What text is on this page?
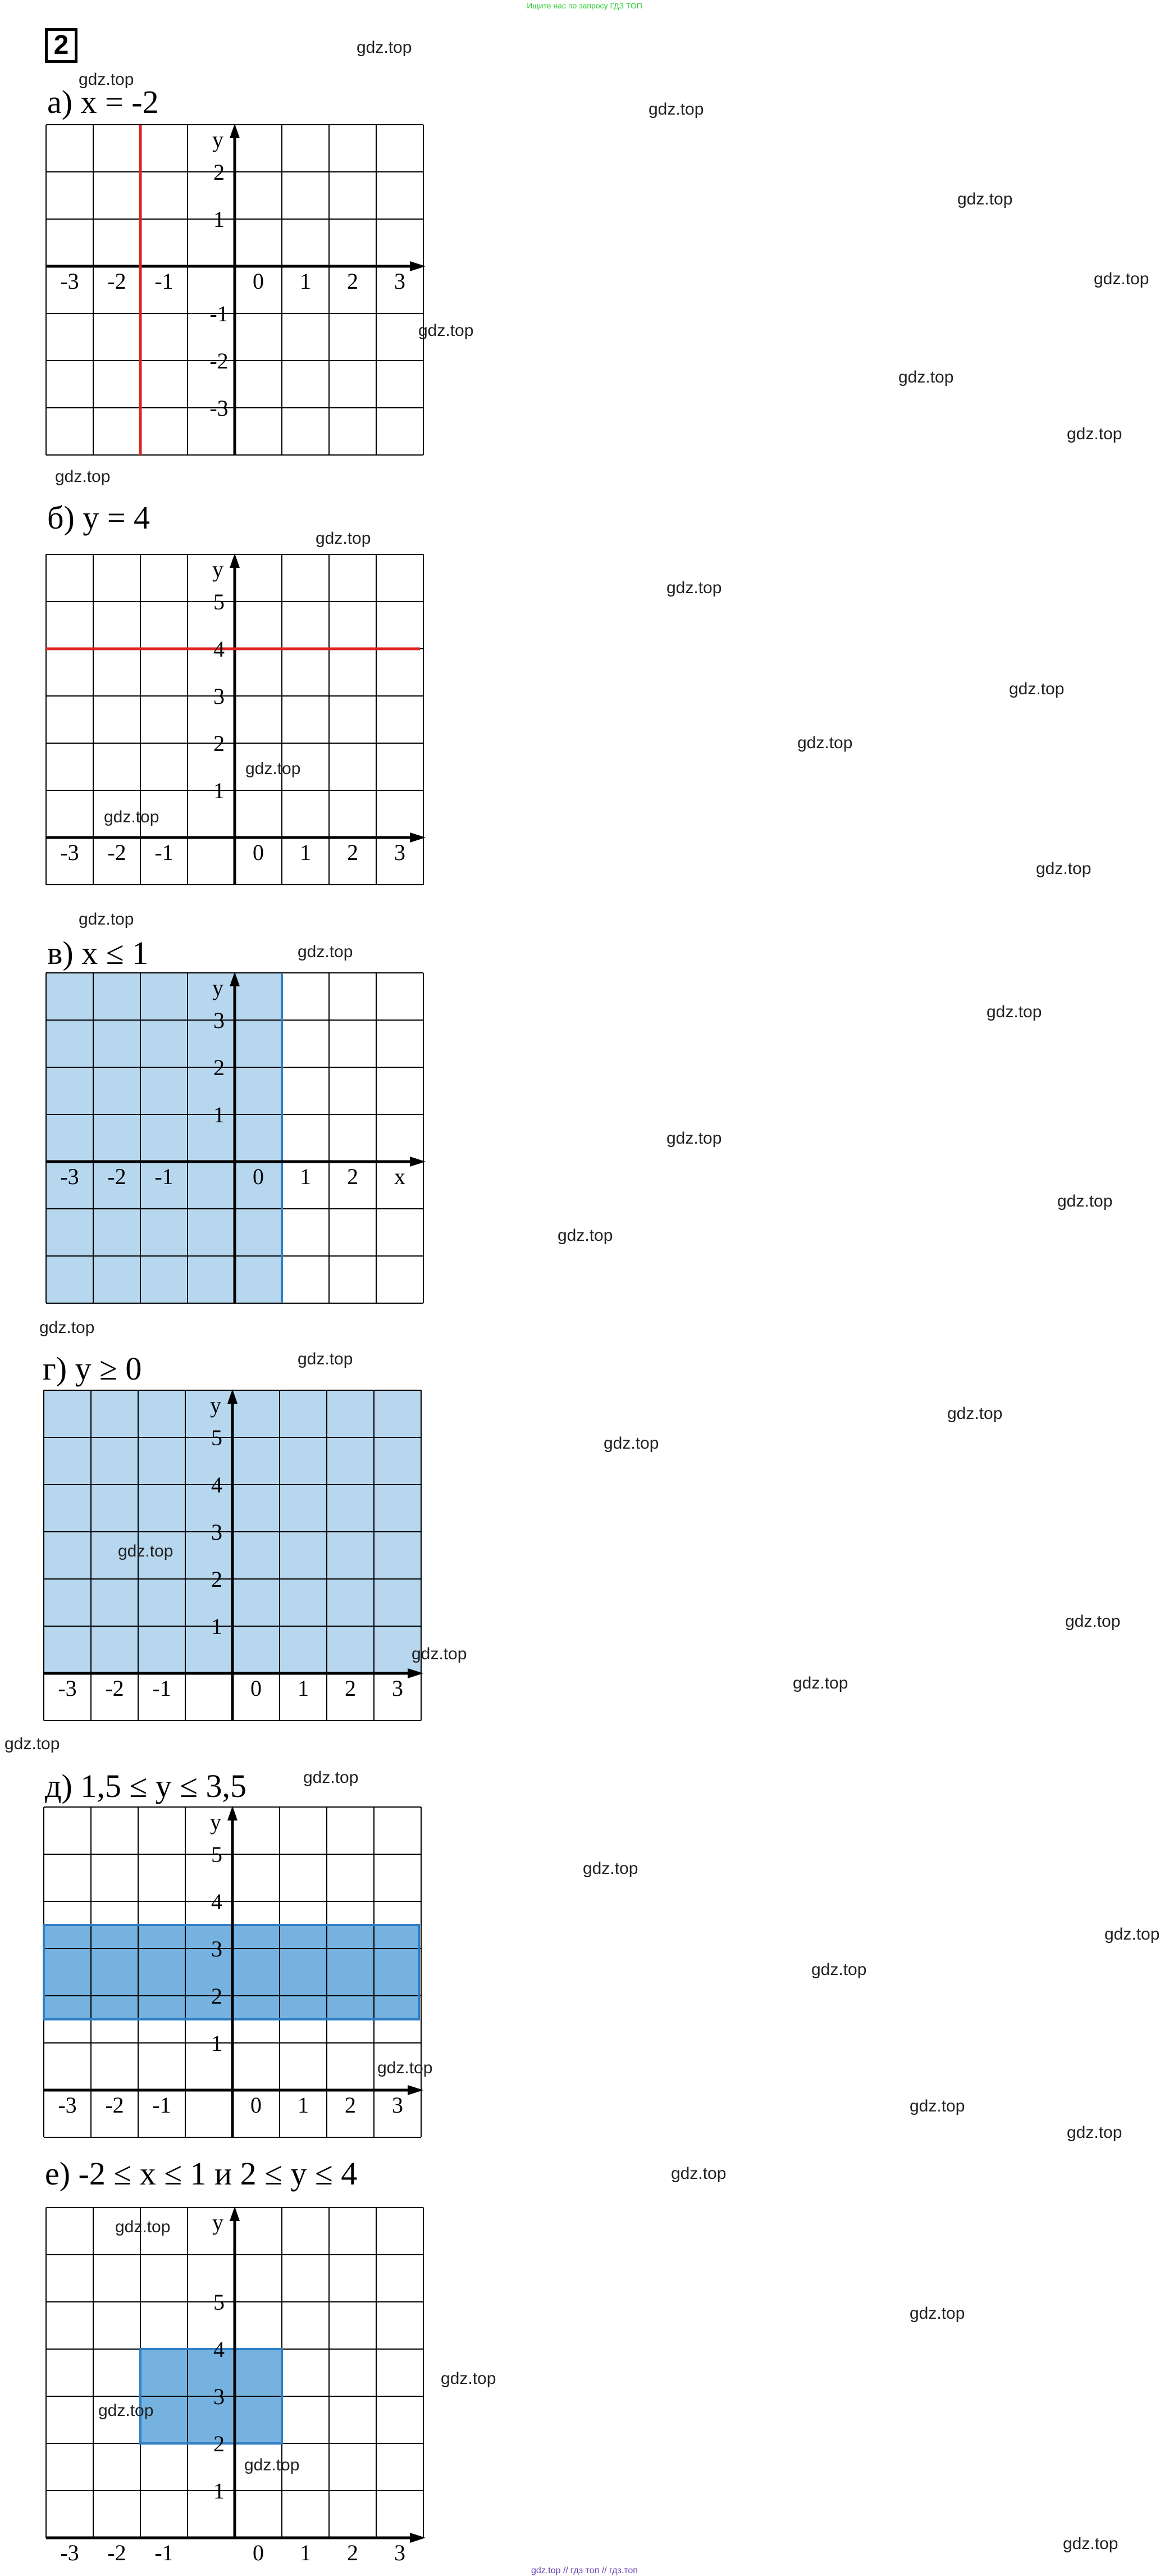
Ищите нас по запросу ГДЗ ТОП
2
а) x = -2
б) y = 4
в) x ≤ 1
г) y ≥ 0
д) 1,5 ≤ y ≤ 3,5
е) -2 ≤ x ≤ 1 и 2 ≤ y ≤ 4
-3 -2 -1	0 1 2 3
2
1
-1
-2
-3
y
-3 -2 -1	0 1 2 3
5
4
3
2
1
y
-3 -2 -1	0 1 2
3
2
1
y
x
-3 -2 -1	0 1 2 3
5
4
3
2
1
y
-3 -2 -1	0 1 2 3
5
4
3
2
1
y
-3 -2 -1	0 1 2 3
5
4
3
2
1
y
gdz.top
gdz.top
gdz.top
gdz.top
gdz.top
gdz.top
gdz.top
gdz.top
gdz.top
gdz.top
gdz.top
gdz.top
gdz.top
gdz.top
gdz.top
gdz.top
gdz.top
gdz.top
gdz.top
gdz.top
gdz.top
gdz.top
gdz.top
gdz.top
gdz.top
gdz.top
gdz.top
gdz.top
gdz.top
gdz.top
gdz.top
gdz.top
gdz.top
gdz.top
gdz.top
gdz.top
gdz.top
gdz.top
gdz.top
gdz.top
gdz.top
gdz.top
gdz.top
gdz.top
gdz.top
gdz.top // гдз топ // гдз.топ
